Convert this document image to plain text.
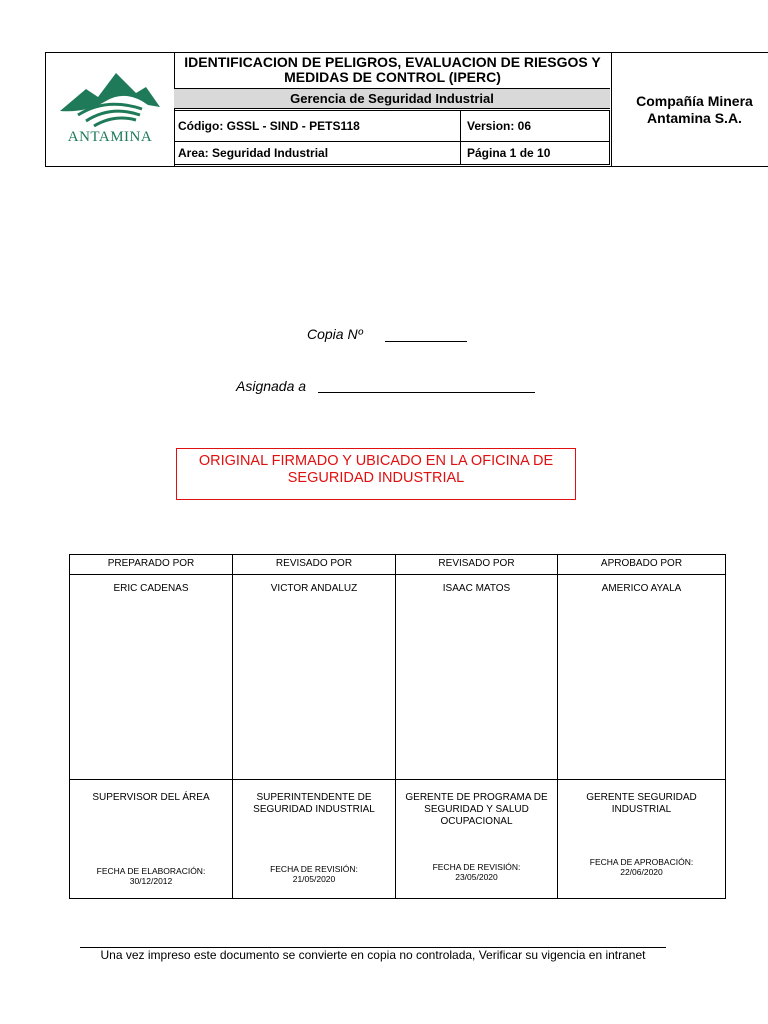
ANTAMINA
IDENTIFICACION DE PELIGROS, EVALUACION DE RIESGOS Y MEDIDAS DE CONTROL (IPERC)
Gerencia de Seguridad Industrial
Código: GSSL - SIND - PETS118	Version: 06
Area: Seguridad Industrial	Página 1 de 10
Compañía Minera Antamina S.A.
Copia Nº
Asignada a
ORIGINAL FIRMADO Y UBICADO EN LA OFICINA DE SEGURIDAD INDUSTRIAL
PREPARADO POR
ERIC CADENAS
SUPERVISOR DEL ÁREA
FECHA DE ELABORACIÓN:
30/12/2012
REVISADO POR
VICTOR ANDALUZ
SUPERINTENDENTE DE SEGURIDAD INDUSTRIAL
FECHA DE REVISIÓN:
21/05/2020
REVISADO POR
ISAAC MATOS
GERENTE DE PROGRAMA DE SEGURIDAD Y SALUD OCUPACIONAL
FECHA DE REVISIÓN:
23/05/2020
APROBADO POR
AMERICO AYALA
GERENTE SEGURIDAD INDUSTRIAL
FECHA DE APROBACIÓN:
22/06/2020
Una vez impreso este documento se convierte en copia no controlada, Verificar su vigencia en intranet
